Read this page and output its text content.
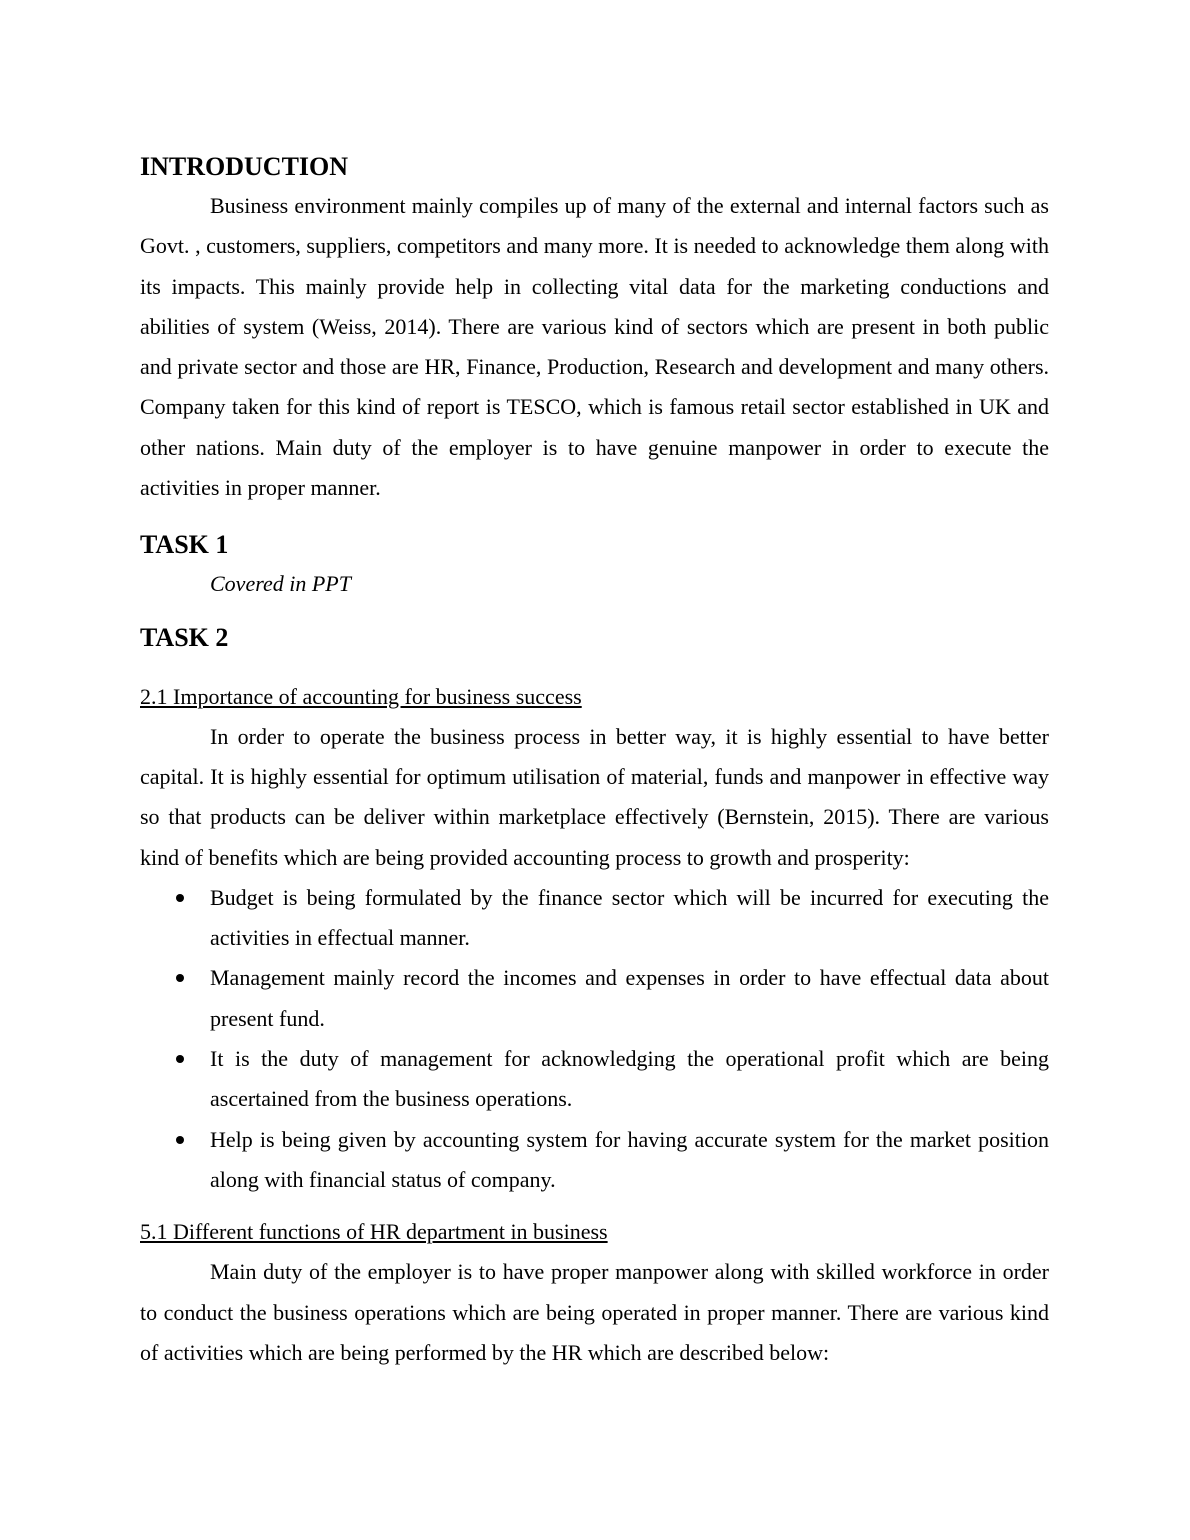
INTRODUCTION

Business environment mainly compiles up of many of the external and internal factors such as Govt. , customers, suppliers, competitors and many more. It is needed to acknowledge them along with its impacts. This mainly provide help in collecting vital data for the marketing conductions and abilities of system (Weiss, 2014). There are various kind of sectors which are present in both public and private sector and those are HR, Finance, Production, Research and development and many others. Company taken for this kind of report is TESCO, which is famous retail sector established in UK and other nations. Main duty of the employer is to have genuine manpower in order to execute the activities in proper manner.

TASK 1

Covered in PPT

TASK 2
2.1 Importance of accounting for business success

In order to operate the business process in better way, it is highly essential to have better capital. It is highly essential for optimum utilisation of material, funds and manpower in effective way so that products can be deliver within marketplace effectively (Bernstein, 2015). There are various kind of benefits which are being provided accounting process to growth and prosperity:

Budget is being formulated by the finance sector which will be incurred for executing the activities in effectual manner.
Management mainly record the incomes and expenses in order to have effectual data about present fund.
It is the duty of management for acknowledging the operational profit which are being ascertained from the business operations.
Help is being given by accounting system for having accurate system for the market position along with financial status of company.
5.1 Different functions of HR department in business

Main duty of the employer is to have proper manpower along with skilled workforce in order to conduct the business operations which are being operated in proper manner. There are various kind of activities which are being performed by the HR which are described below:
